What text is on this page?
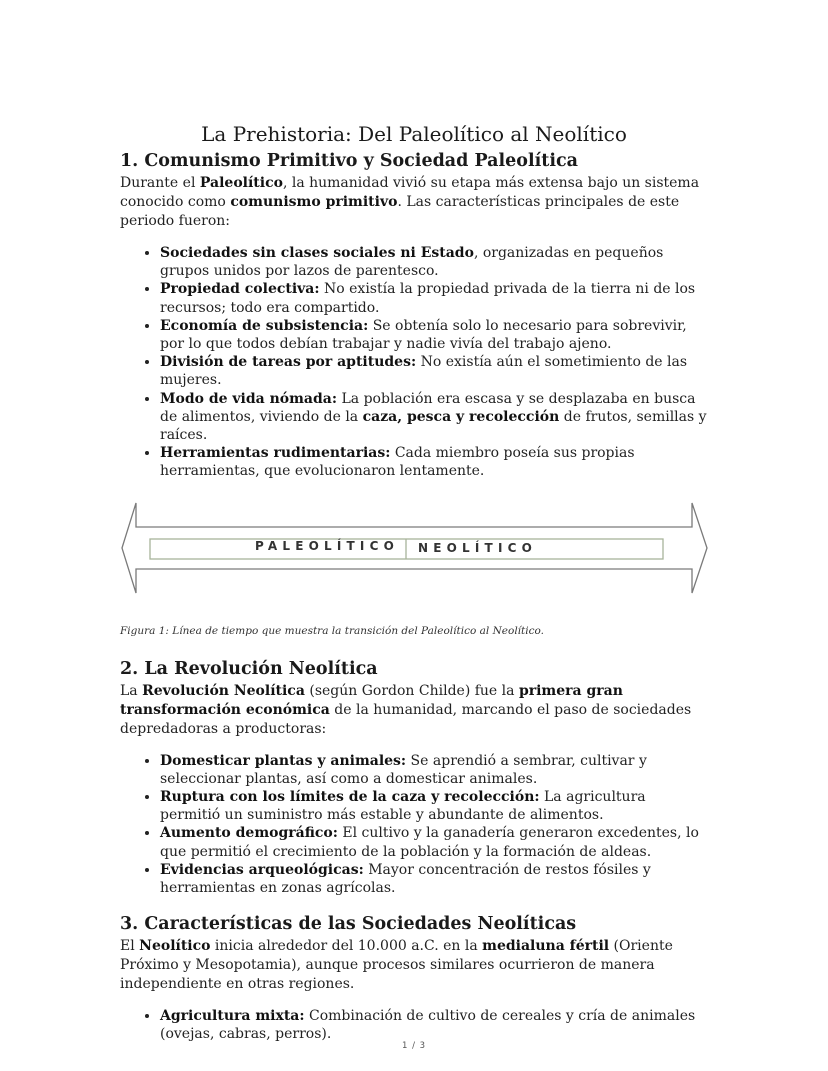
La Prehistoria: Del Paleolítico al Neolítico
1. Comunismo Primitivo y Sociedad Paleolítica

Durante el Paleolítico, la humanidad vivió su etapa más extensa bajo un sistema conocido como comunismo primitivo. Las características principales de este periodo fueron:

• Sociedades sin clases sociales ni Estado, organizadas en pequeños grupos unidos por lazos de parentesco.
• Propiedad colectiva: No existía la propiedad privada de la tierra ni de los recursos; todo era compartido.
• Economía de subsistencia: Se obtenía solo lo necesario para sobrevivir, por lo que todos debían trabajar y nadie vivía del trabajo ajeno.
• División de tareas por aptitudes: No existía aún el sometimiento de las mujeres.
• Modo de vida nómada: La población era escasa y se desplazaba en busca de alimentos, viviendo de la caza, pesca y recolección de frutos, semillas y raíces.
• Herramientas rudimentarias: Cada miembro poseía sus propias herramientas, que evolucionaron lentamente.
PALEOLÍTICO NEOLÍTICO

Figura 1: Línea de tiempo que muestra la transición del Paleolítico al Neolítico.

2. La Revolución Neolítica

La Revolución Neolítica (según Gordon Childe) fue la primera gran transformación económica de la humanidad, marcando el paso de sociedades depredadoras a productoras:

• Domesticar plantas y animales: Se aprendió a sembrar, cultivar y seleccionar plantas, así como a domesticar animales.
• Ruptura con los límites de la caza y recolección: La agricultura permitió un suministro más estable y abundante de alimentos.
• Aumento demográfico: El cultivo y la ganadería generaron excedentes, lo que permitió el crecimiento de la población y la formación de aldeas.
• Evidencias arqueológicas: Mayor concentración de restos fósiles y herramientas en zonas agrícolas.
3. Características de las Sociedades Neolíticas

El Neolítico inicia alrededor del 10.000 a.C. en la medialuna fértil (Oriente Próximo y Mesopotamia), aunque procesos similares ocurrieron de manera independiente en otras regiones.

• Agricultura mixta: Combinación de cultivo de cereales y cría de animales (ovejas, cabras, perros).
1 / 3
